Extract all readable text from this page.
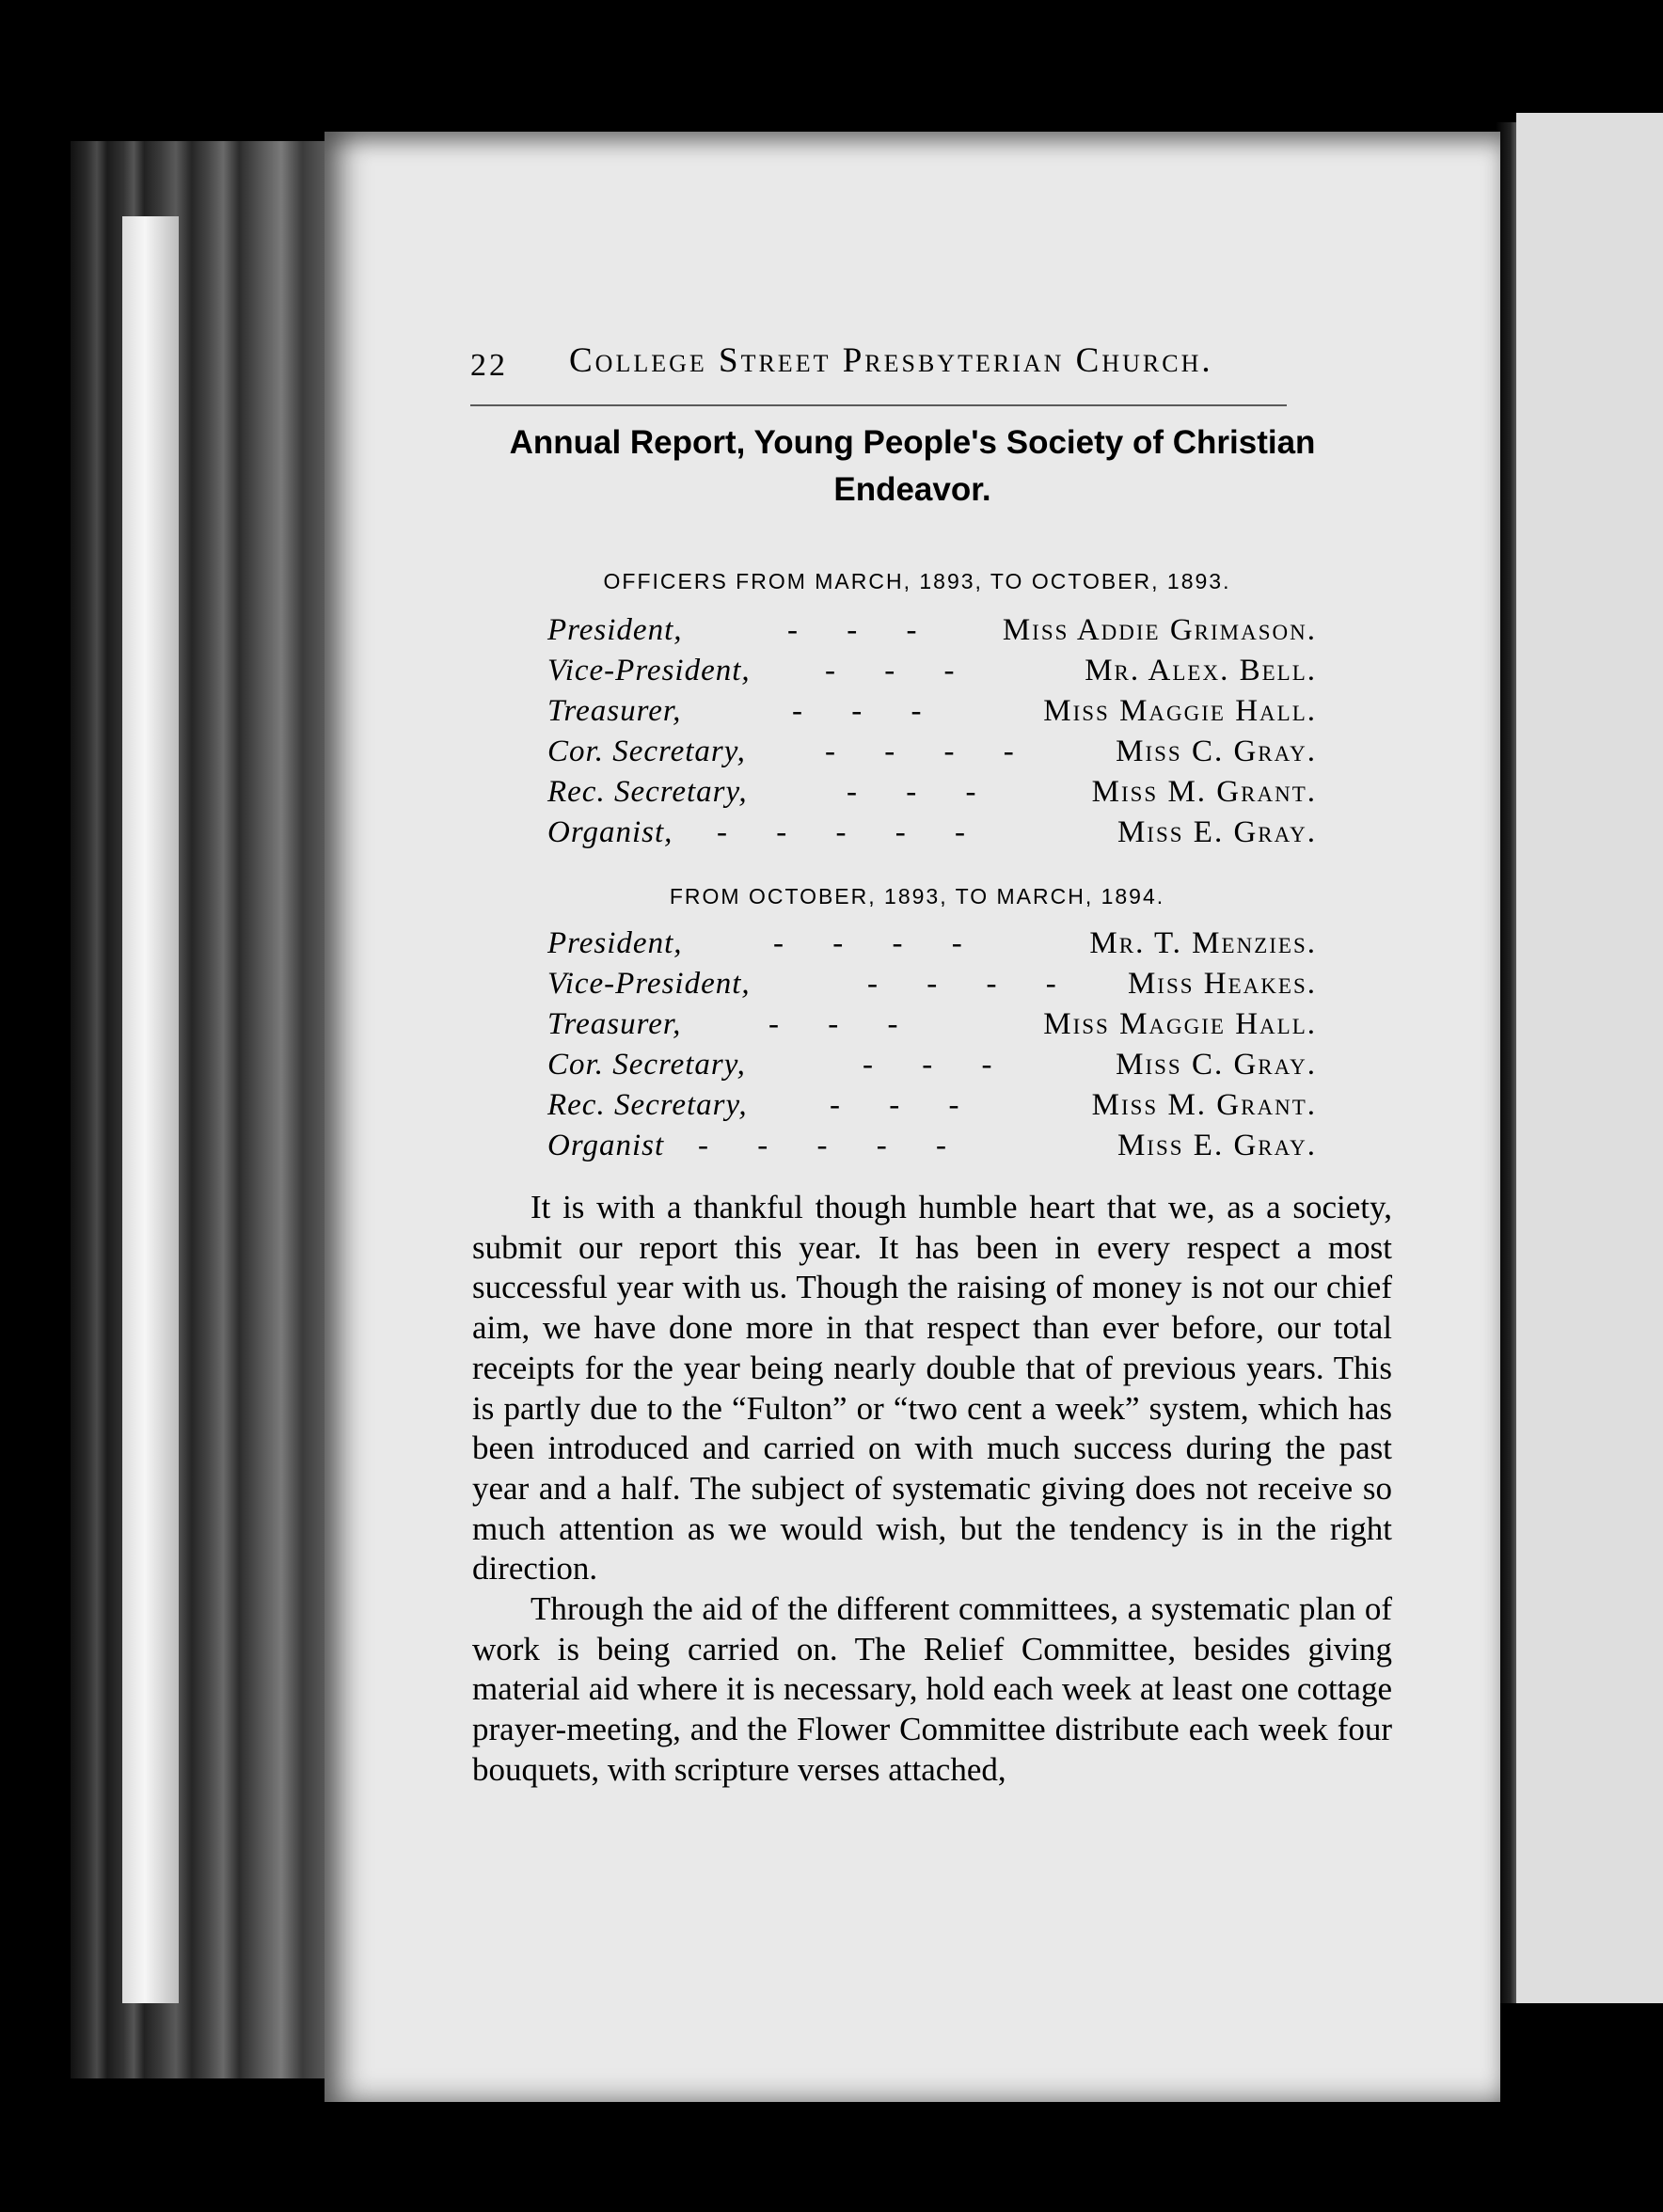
22 College Street Presbyterian Church.
Annual Report, Young People's Society of Christian Endeavor.
OFFICERS FROM MARCH, 1893, TO OCTOBER, 1893.
President,	- - - Miss Addie Grimason.
Vice-President, - - -	Mr. Alex. Bell.
Treasurer,	- - -	Miss Maggie Hall.
Cor. Secretary,	- - - -	Miss C. Gray.
Rec. Secretary,	- - -	Miss M. Grant.
Organist, - - - - -	Miss E. Gray.
FROM OCTOBER, 1893, TO MARCH, 1894.
President,	- - - -	Mr. T. Menzies.
Vice-President,	- - - - Miss Heakes.
Treasurer,	- - -	Miss Maggie Hall.
Cor. Secretary,	- - -	Miss C. Gray.
Rec. Secretary,	- - -	Miss M. Grant.
Organist - - - - -	Miss E. Gray.

It is with a thankful though humble heart that we, as a society, submit our report this year. It has been in every respect a most successful year with us. Though the raising of money is not our chief aim, we have done more in that respect than ever before, our total receipts for the year being nearly double that of previous years. This is partly due to the “Fulton” or “two cent a week” system, which has been introduced and carried on with much success during the past year and a half. The subject of systematic giving does not receive so much attention as we would wish, but the tendency is in the right direction.

Through the aid of the different committees, a systematic plan of work is being carried on. The Relief Committee, besides giving material aid where it is necessary, hold each week at least one cottage prayer-meeting, and the Flower Committee distribute each week four bouquets, with scripture verses attached,
